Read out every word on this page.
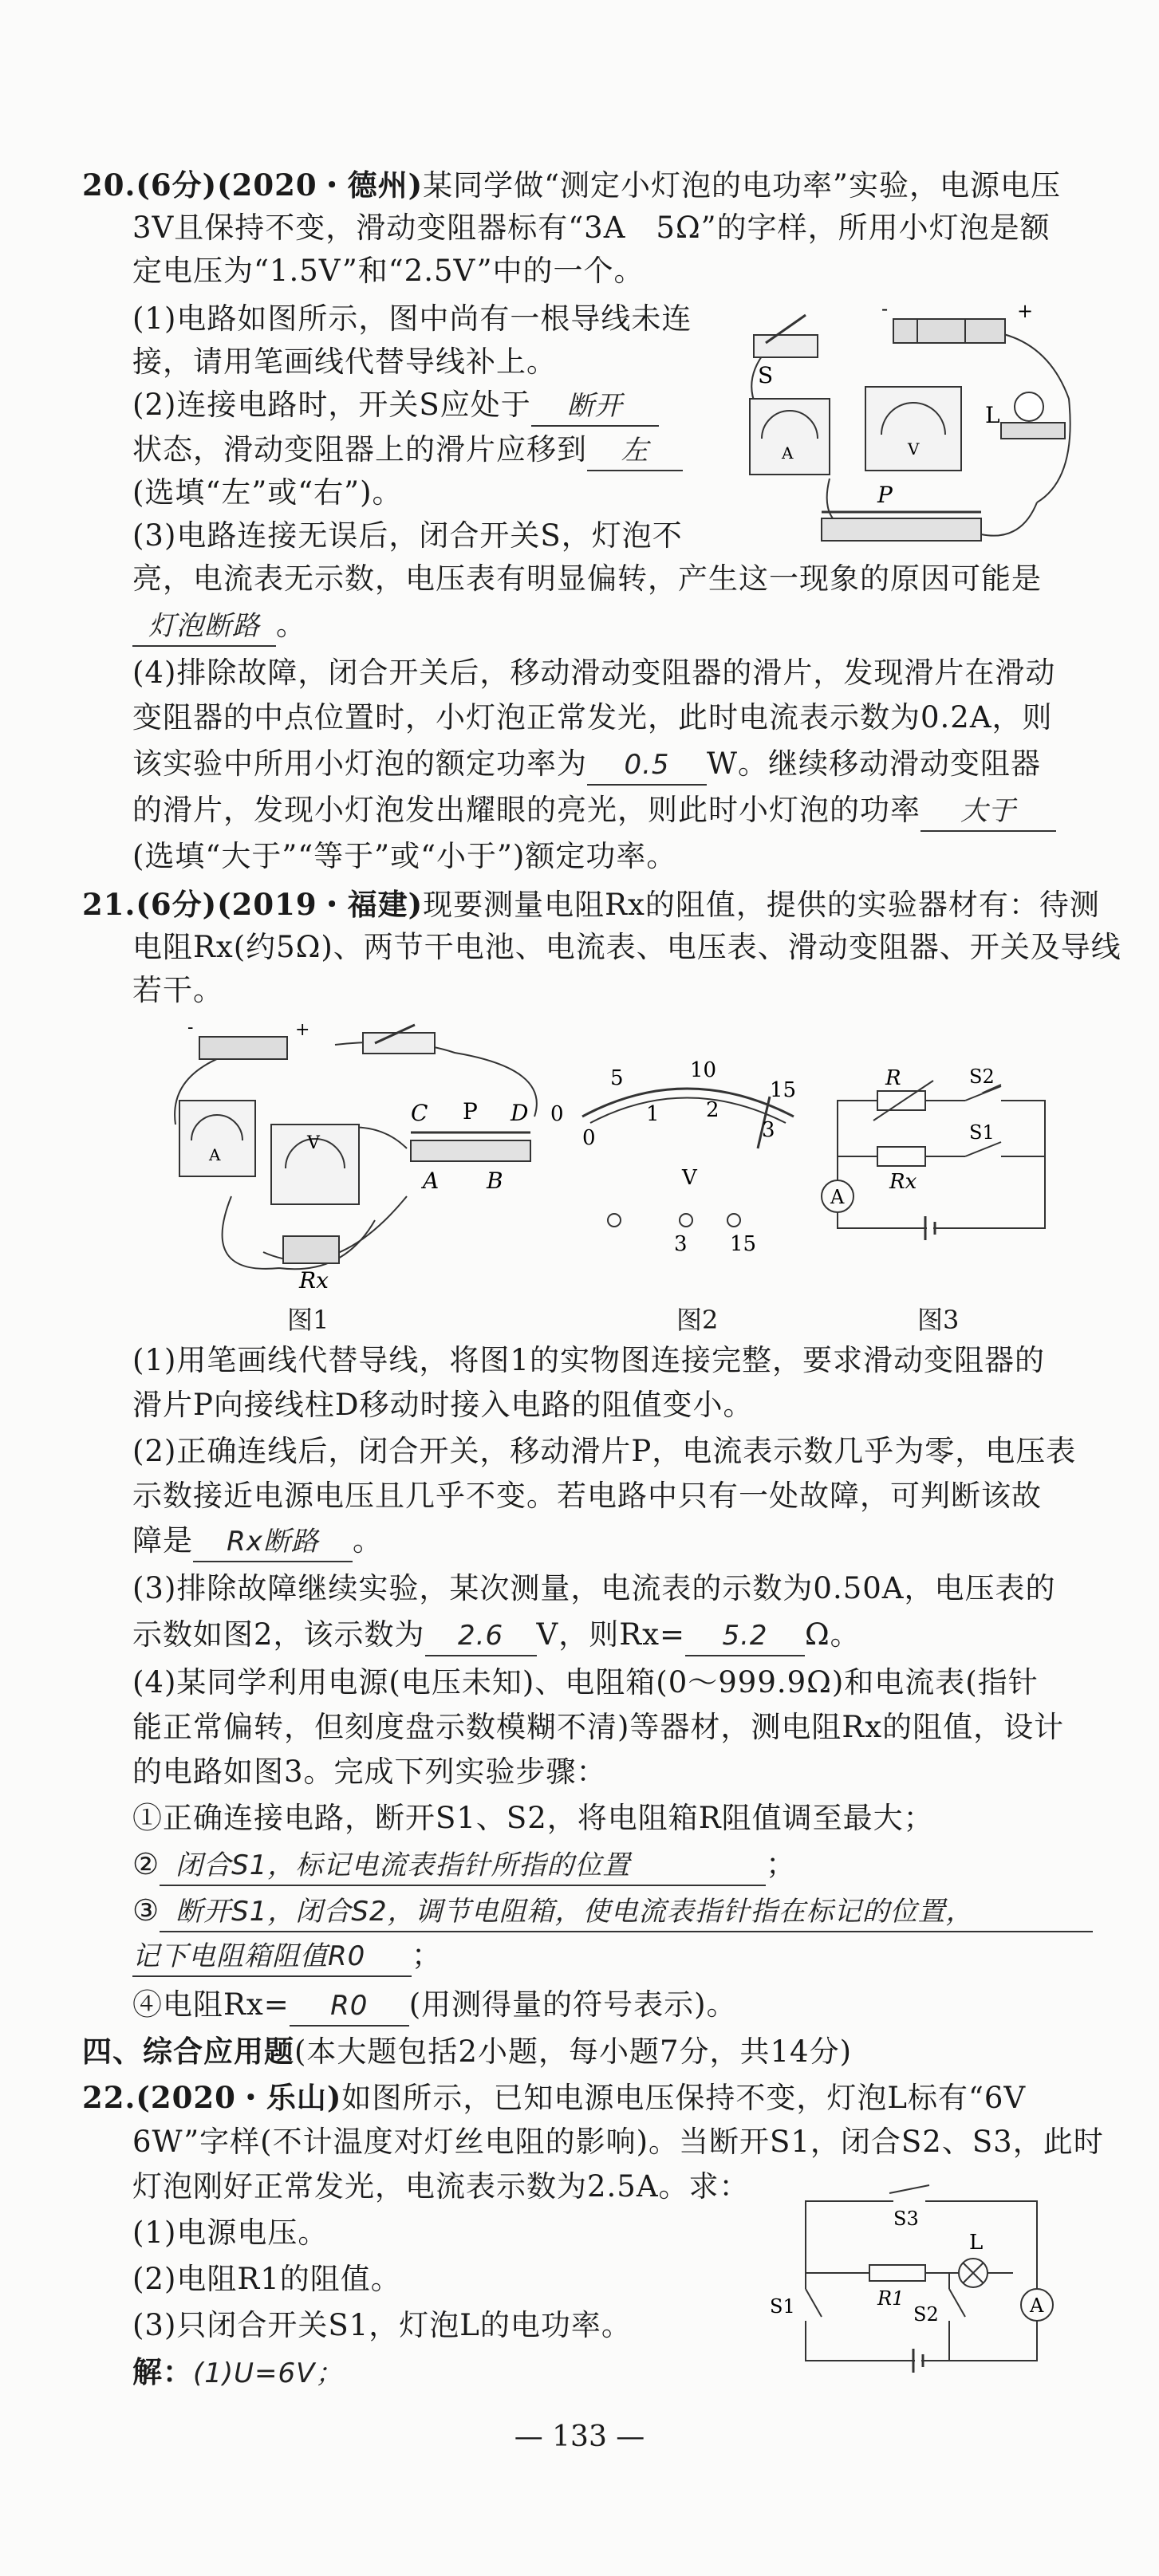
20.(6分)(2020・德州)某同学做“测定小灯泡的电功率”实验，电源电压
3V且保持不变，滑动变阻器标有“3A　5Ω”的字样，所用小灯泡是额
定电压为“1.5V”和“2.5V”中的一个。
(1)电路如图所示，图中尚有一根导线未连
接，请用笔画线代替导线补上。
(2)连接电路时，开关S应处于 断开
状态，滑动变阻器上的滑片应移到 左
(选填“左”或“右”)。
(3)电路连接无误后，闭合开关S，灯泡不
亮，电流表无示数，电压表有明显偏转，产生这一现象的原因可能是
灯泡断路 。
(4)排除故障，闭合开关后，移动滑动变阻器的滑片，发现滑片在滑动
变阻器的中点位置时，小灯泡正常发光，此时电流表示数为0.2A，则
该实验中所用小灯泡的额定功率为 0.5 W。继续移动滑动变阻器
的滑片，发现小灯泡发出耀眼的亮光，则此时小灯泡的功率 大于
(选填“大于”“等于”或“小于”)额定功率。
-	+
S
A	V
L
P
21.(6分)(2019・福建)现要测量电阻Rx的阻值，提供的实验器材有：待测
电阻Rx(约5Ω)、两节干电池、电流表、电压表、滑动变阻器、开关及导线
若干。
-	+
A
V
C P D
A B
Rx
图1
5	10
15
0
1 2
3
0
V
3 15
图2
A
R	S2
S1
Rx
图3
(1)用笔画线代替导线，将图1的实物图连接完整，要求滑动变阻器的
滑片P向接线柱D移动时接入电路的阻值变小。
(2)正确连线后，闭合开关，移动滑片P，电流表示数几乎为零，电压表
示数接近电源电压且几乎不变。若电路中只有一处故障，可判断该故
障是 Rx断路 。
(3)排除故障继续实验，某次测量，电流表的示数为0.50A，电压表的
示数如图2，该示数为 2.6 V，则Rx= 5.2 Ω。
(4)某同学利用电源(电压未知)、电阻箱(0～999.9Ω)和电流表(指针
能正常偏转，但刻度盘示数模糊不清)等器材，测电阻Rx的阻值，设计
的电路如图3。完成下列实验步骤：
①正确连接电路，断开S1、S2，将电阻箱R阻值调至最大；
② 闭合S1，标记电流表指针所指的位置	；
③ 断开S1，闭合S2，调节电阻箱，使电流表指针指在标记的位置，
记下电阻箱阻值R0 ；
④电阻Rx= R0 (用测得量的符号表示)。
四、综合应用题(本大题包括2小题，每小题7分，共14分)
22.(2020・乐山)如图所示，已知电源电压保持不变，灯泡L标有“6V
6W”字样(不计温度对灯丝电阻的影响)。当断开S1，闭合S2、S3，此时
灯泡刚好正常发光，电流表示数为2.5A。求：
(1)电源电压。
(2)电阻R1的阻值。
(3)只闭合开关S1，灯泡L的电功率。
解：(1)U=6V；
S3
R1
L
S1	S2	A
— 133 —
